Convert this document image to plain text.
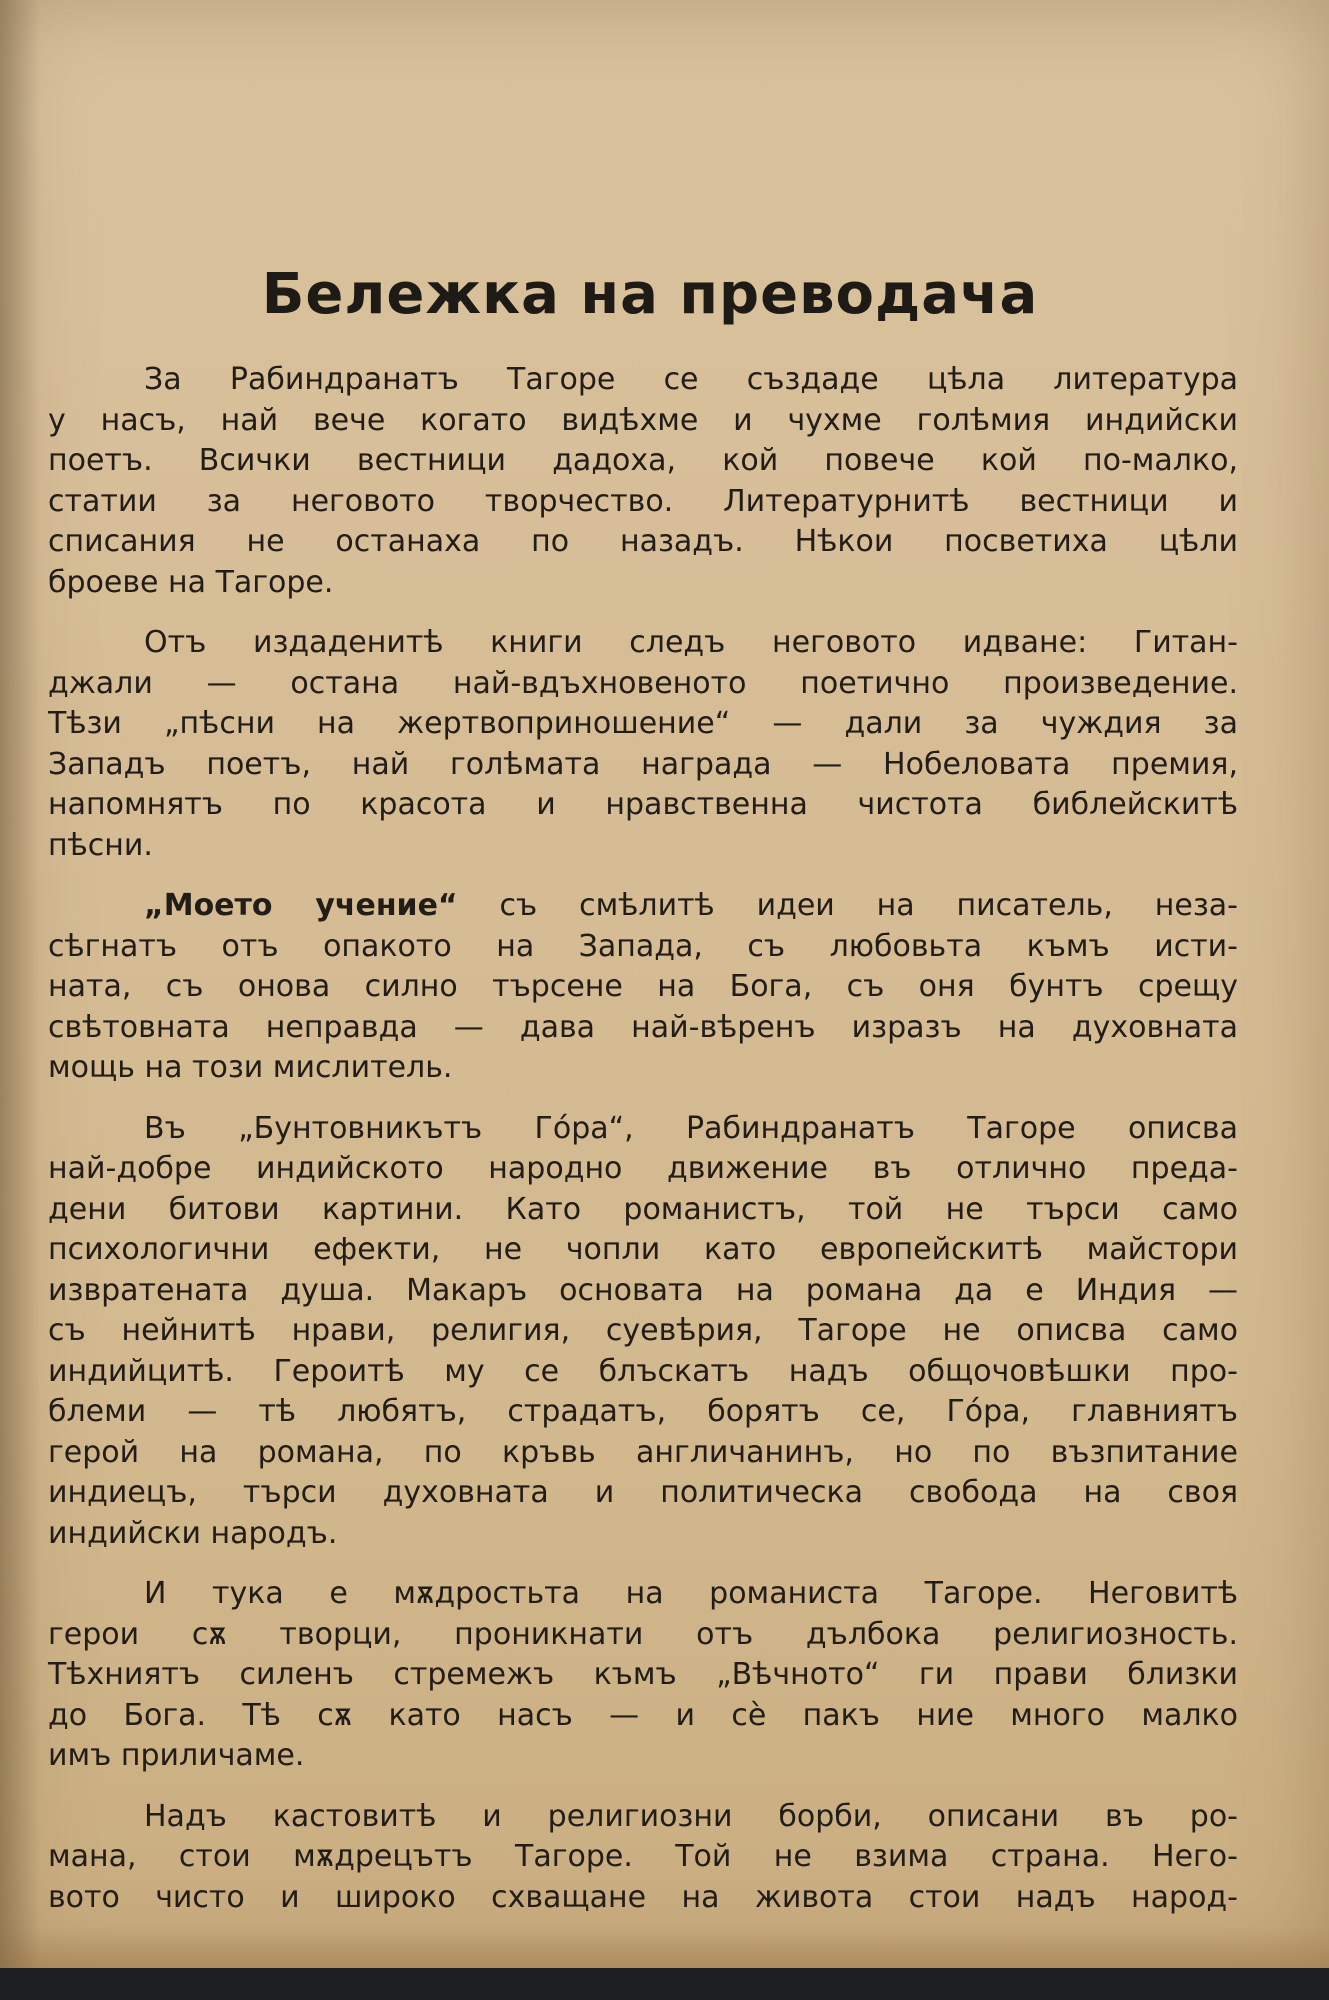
Бележка на преводача
За Рабиндранатъ Тагоре се създаде цѣла литература
у насъ, най вече когато видѣхме и чухме голѣмия индийски
поетъ. Всички вестници дадоха, кой повече кой по-малко,
статии за неговото творчество. Литературнитѣ вестници и
списания не останаха по назадъ. Нѣкои посветиха цѣли
броеве на Тагоре.
Отъ издаденитѣ книги следъ неговото идване: Гитан-
джали — остана най-вдъхновеното поетично произведение.
Тѣзи „пѣсни на жертвоприношение“ — дали за чуждия за
Западъ поетъ, най голѣмата награда — Нобеловата премия,
напомнятъ по красота и нравственна чистота библейскитѣ
пѣсни.
„Моето учение“ съ смѣлитѣ идеи на писатель, неза-
сѣгнатъ отъ опакото на Запада, съ любовьта къмъ исти-
ната, съ онова силно търсене на Бога, съ оня бунтъ срещу
свѣтовната неправда — дава най-вѣренъ изразъ на духовната
мощь на този мислитель.
Въ „Бунтовникътъ Гóра“, Рабиндранатъ Тагоре описва
най-добре индийското народно движение въ отлично преда-
дени битови картини. Като романистъ, той не търси само
психологични ефекти, не чопли като европейскитѣ майстори
извратената душа. Макаръ основата на романа да е Индия —
съ нейнитѣ нрави, религия, суевѣрия, Тагоре не описва само
индийцитѣ. Героитѣ му се блъскатъ надъ общочовѣшки про-
блеми — тѣ любятъ, страдатъ, борятъ се, Гóра, главниятъ
герой на романа, по кръвь англичанинъ, но по възпитание
индиецъ, търси духовната и политическа свобода на своя
индийски народъ.
И тука е мѫдростьта на романиста Тагоре. Неговитѣ
герои сѫ творци, проникнати отъ дълбока религиозность.
Тѣхниятъ силенъ стремежъ къмъ „Вѣчното“ ги прави близки
до Бога. Тѣ сѫ като насъ — и сѐ пакъ ние много малко
имъ приличаме.
Надъ кастовитѣ и религиозни борби, описани въ ро-
мана, стои мѫдрецътъ Тагоре. Той не взима страна. Него-
вото чисто и широко схващане на живота стои надъ народ-
